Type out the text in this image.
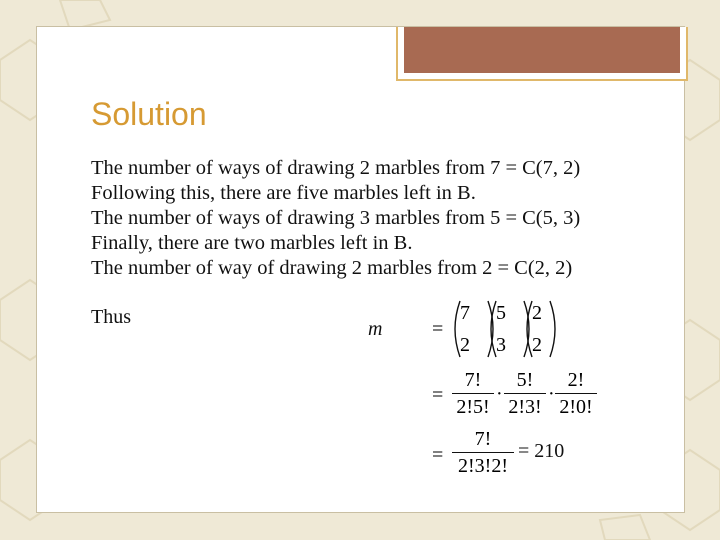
Solution
The number of ways of drawing 2 marbles from 7 = C(7, 2)
Following this, there are five marbles left in B.
The number of ways of drawing 3 marbles from 5 = C(5, 3)
Finally, there are two marbles left in B.
The number of way of drawing 2 marbles from 2 = C(2, 2)
Thus
m =
7
2
5
3
2
2
=
7!
2!5!
·
5!
2!3!
·
2!
2!0!
=
7!
2!3!2!
= 210
